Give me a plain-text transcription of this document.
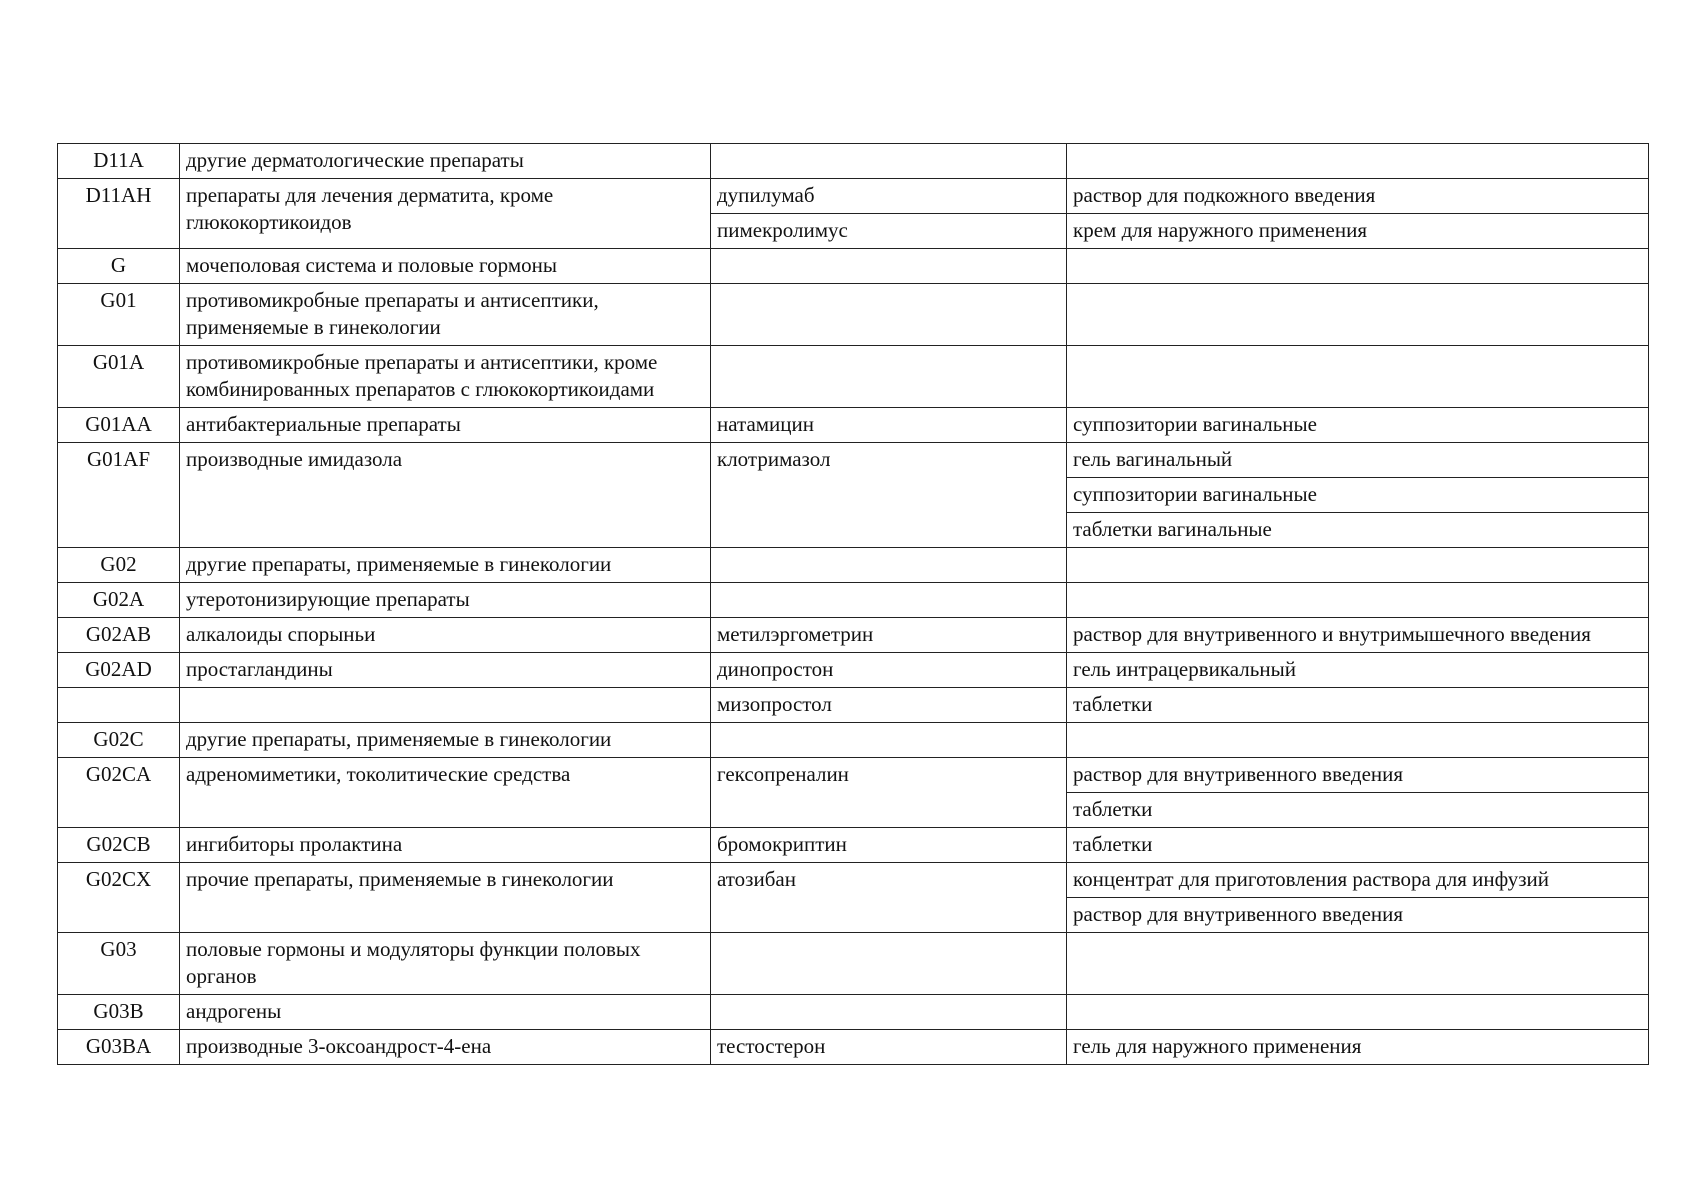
D11A	другие дерматологические препараты		
D11AH	препараты для лечения дерматита, кроме глюкокортикоидов	дупилумаб	раствор для подкожного введения
		пимекролимус	крем для наружного применения
G	мочеполовая система и половые гормоны		
G01	противомикробные препараты и антисептики, применяемые в гинекологии		
G01A	противомикробные препараты и антисептики, кроме комбинированных препаратов с глюкокортикоидами		
G01AA	антибактериальные препараты	натамицин	суппозитории вагинальные
G01AF	производные имидазола	клотримазол	гель вагинальный
			суппозитории вагинальные
			таблетки вагинальные
G02	другие препараты, применяемые в гинекологии		
G02A	утеротонизирующие препараты		
G02AB	алкалоиды спорыньи	метилэргометрин	раствор для внутривенного и внутримышечного введения
G02AD	простагландины	динопростон	гель интрацервикальный
		мизопростол	таблетки
G02C	другие препараты, применяемые в гинекологии		
G02CA	адреномиметики, токолитические средства	гексопреналин	раствор для внутривенного введения
			таблетки
G02CB	ингибиторы пролактина	бромокриптин	таблетки
G02CX	прочие препараты, применяемые в гинекологии	атозибан	концентрат для приготовления раствора для инфузий
			раствор для внутривенного введения
G03	половые гормоны и модуляторы функции половых органов		
G03B	андрогены		
G03BA	производные 3-оксоандрост-4-ена	тестостерон	гель для наружного применения
